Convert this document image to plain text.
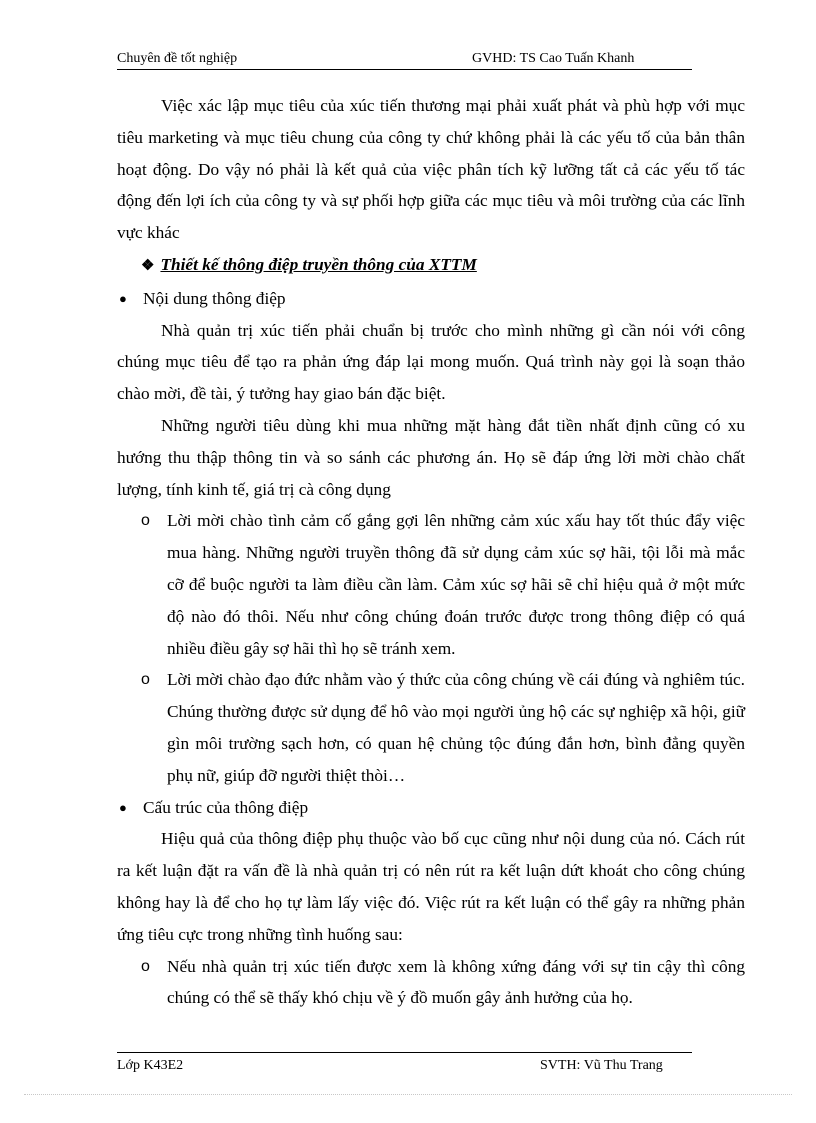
Chuyên đề tốt nghiệp	GVHD: TS Cao Tuấn Khanh

Việc xác lập mục tiêu của xúc tiến thương mại phải xuất phát và phù hợp với mục tiêu marketing và mục tiêu chung của công ty chứ không phải là các yếu tố của bản thân hoạt động. Do vậy nó phải là kết quả của việc phân tích kỹ lưỡng tất cả các yếu tố tác động đến lợi ích của công ty và sự phối hợp giữa các mục tiêu và môi trường của các lĩnh vực khác

❖ Thiết kế thông điệp truyền thông của XTTM

● Nội dung thông điệp

Nhà quản trị xúc tiến phải chuẩn bị trước cho mình những gì cần nói với công chúng mục tiêu để tạo ra phản ứng đáp lại mong muốn. Quá trình này gọi là soạn thảo chào mời, đề tài, ý tưởng hay giao bán đặc biệt.

Những người tiêu dùng khi mua những mặt hàng đắt tiền nhất định cũng có xu hướng thu thập thông tin và so sánh các phương án. Họ sẽ đáp ứng lời mời chào chất lượng, tính kinh tế, giá trị cà công dụng

o Lời mời chào tình cảm cố gắng gợi lên những cảm xúc xấu hay tốt thúc đẩy việc mua hàng. Những người truyền thông đã sử dụng cảm xúc sợ hãi, tội lỗi mà mắc cỡ để buộc người ta làm điều cần làm. Cảm xúc sợ hãi sẽ chỉ hiệu quả ở một mức độ nào đó thôi. Nếu như công chúng đoán trước được trong thông điệp có quá nhiều điều gây sợ hãi thì họ sẽ tránh xem.

o Lời mời chào đạo đức nhằm vào ý thức của công chúng về cái đúng và nghiêm túc. Chúng thường được sử dụng để hô vào mọi người ủng hộ các sự nghiệp xã hội, giữ gìn môi trường sạch hơn, có quan hệ chủng tộc đúng đắn hơn, bình đẳng quyền phụ nữ, giúp đỡ người thiệt thòi…

● Cấu trúc của thông điệp

Hiệu quả của thông điệp phụ thuộc vào bố cục cũng như nội dung của nó. Cách rút ra kết luận đặt ra vấn đề là nhà quản trị có nên rút ra kết luận dứt khoát cho công chúng không hay là để cho họ tự làm lấy việc đó. Việc rút ra kết luận có thể gây ra những phản ứng tiêu cực trong những tình huống sau:

o Nếu nhà quản trị xúc tiến được xem là không xứng đáng với sự tin cậy thì công chúng có thể sẽ thấy khó chịu về ý đồ muốn gây ảnh hưởng của họ.

Lớp K43E2	SVTH: Vũ Thu Trang
